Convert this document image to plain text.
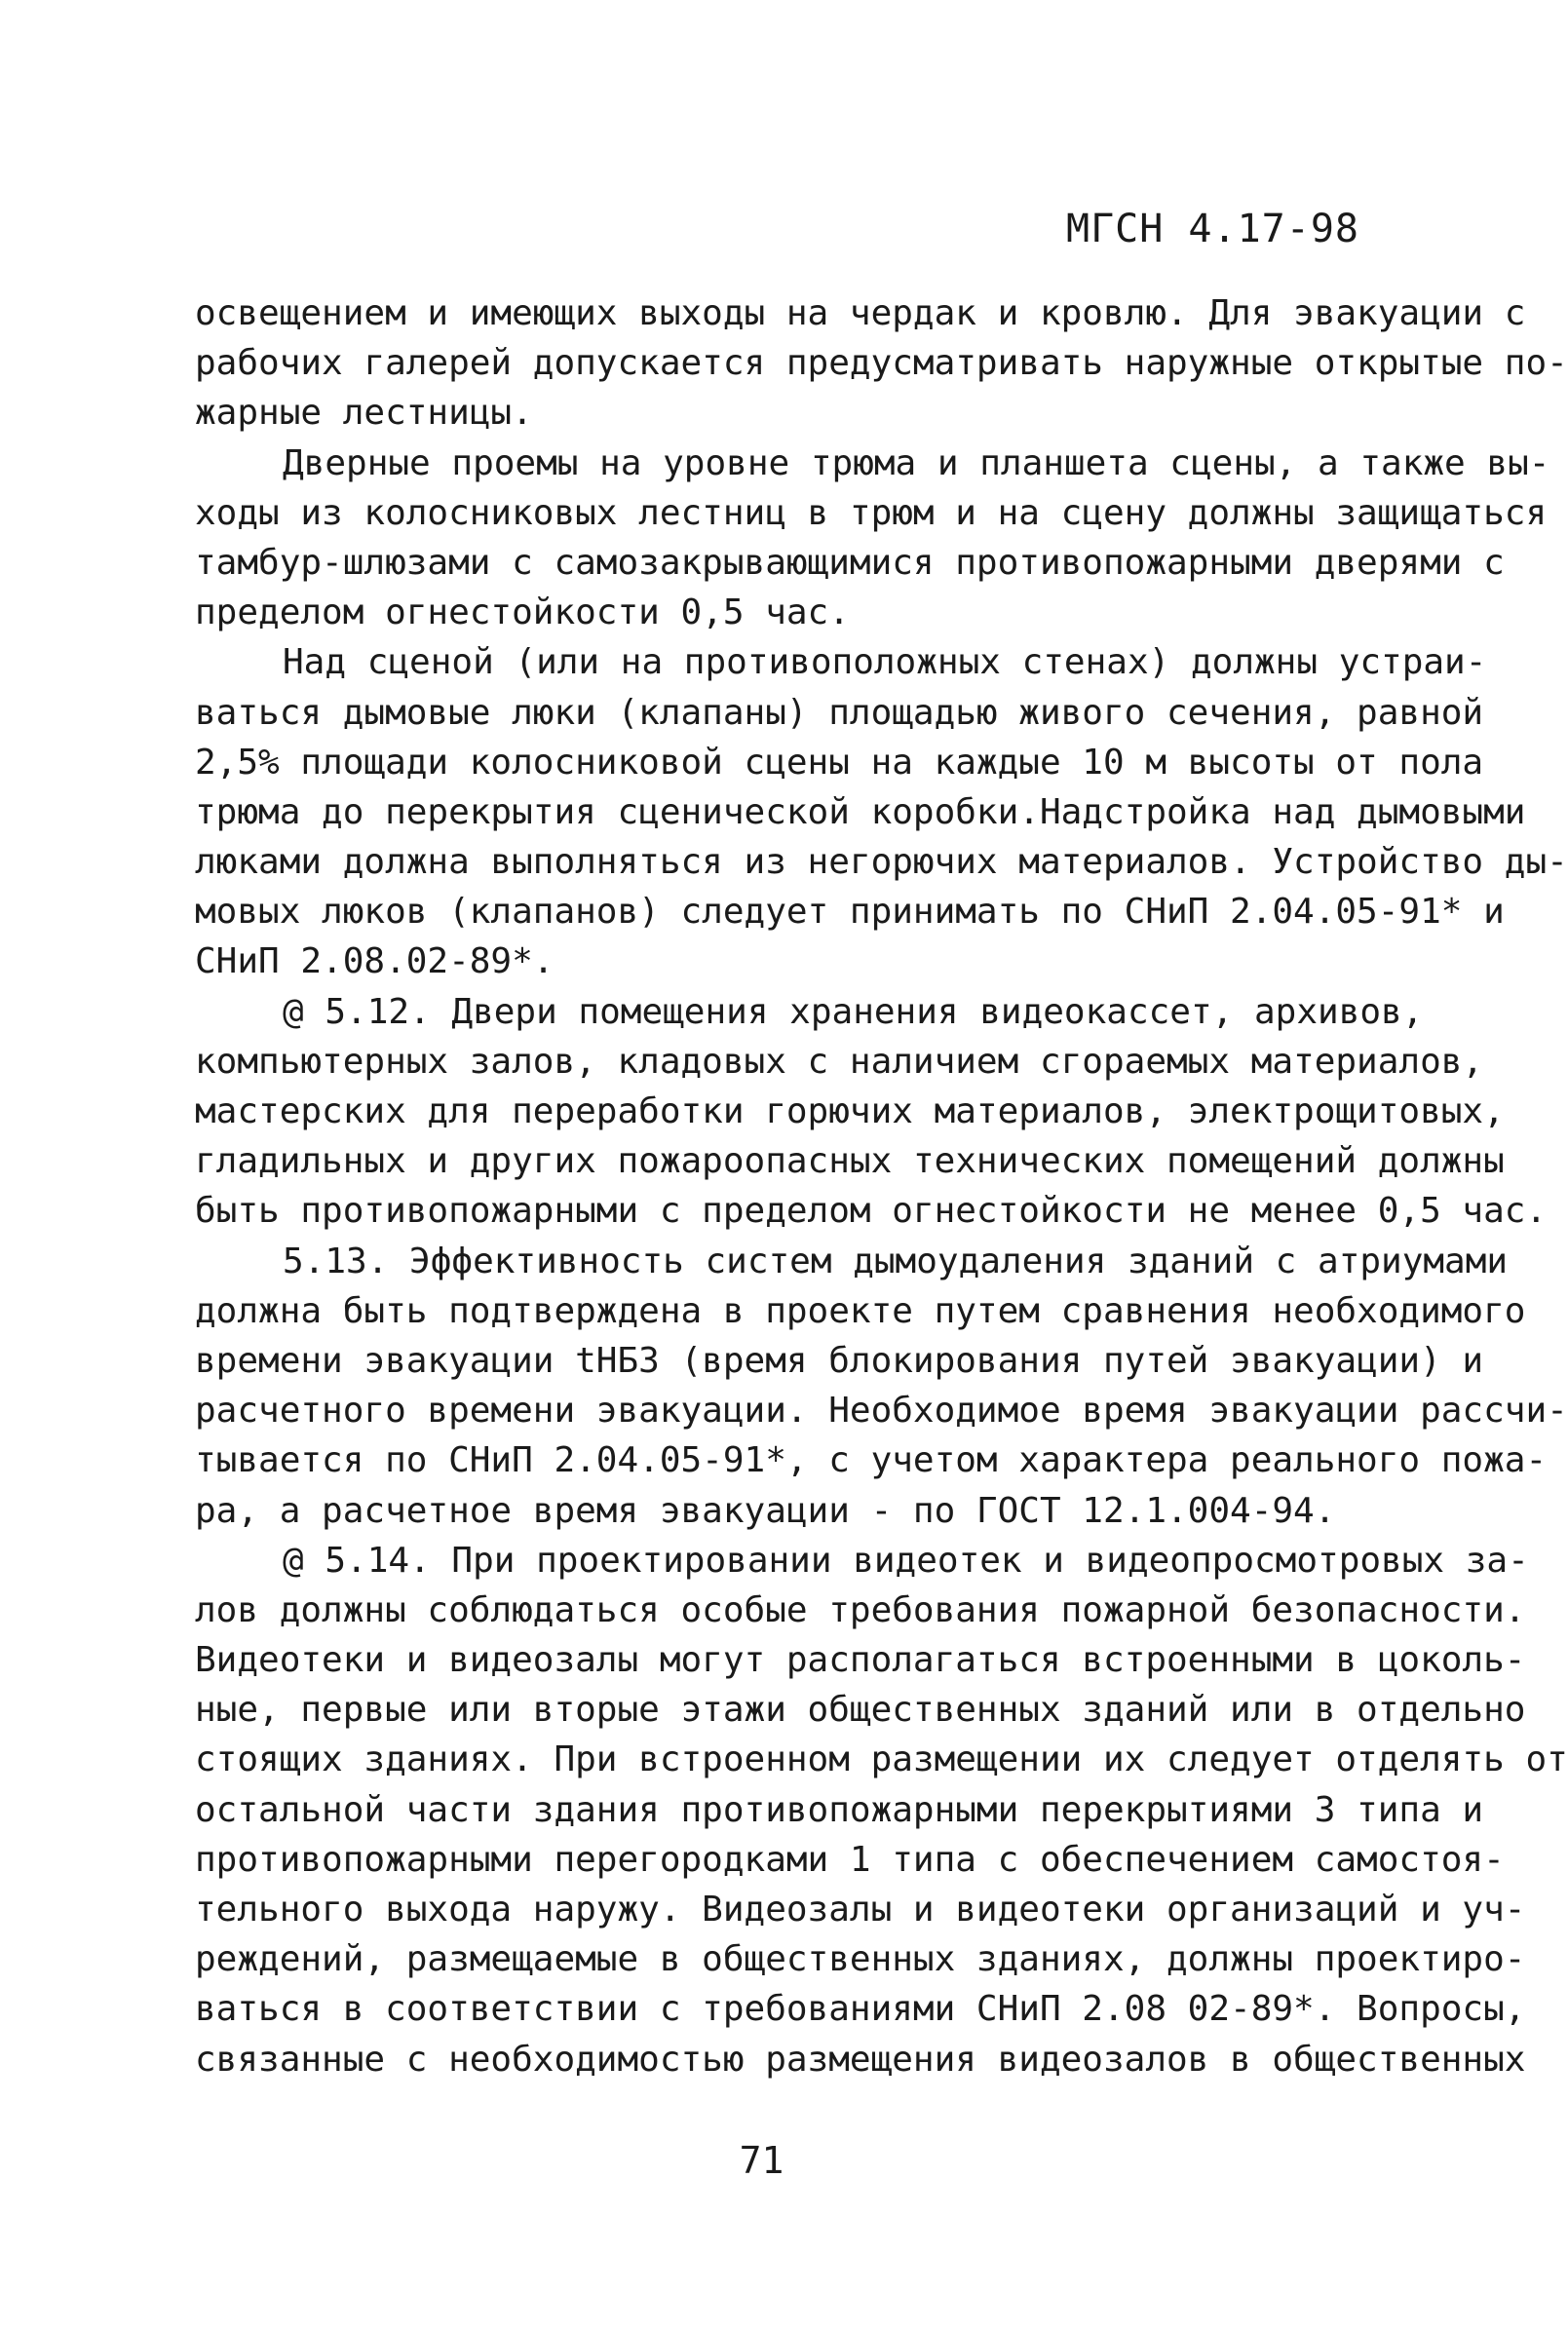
МГСН 4.17-98
освещением и имеющих выходы на чердак и кровлю. Для эвакуации с
рабочих галерей допускается предусматривать наружные открытые по-
жарные лестницы.
Дверные проемы на уровне трюма и планшета сцены, а также вы-
ходы из колосниковых лестниц в трюм и на сцену должны защищаться
тамбур-шлюзами с самозакрывающимися противопожарными дверями с
пределом огнестойкости 0,5 час.
Над сценой (или на противоположных стенах) должны устраи-
ваться дымовые люки (клапаны) площадью живого сечения, равной
2,5% площади колосниковой сцены на каждые 10 м высоты от пола
трюма до перекрытия сценической коробки.Надстройка над дымовыми
люками должна выполняться из негорючих материалов. Устройство ды-
мовых люков (клапанов) следует принимать по СНиП 2.04.05-91* и
СНиП 2.08.02-89*.
@ 5.12. Двери помещения хранения видеокассет, архивов,
компьютерных залов, кладовых с наличием сгораемых материалов,
мастерских для переработки горючих материалов, электрощитовых,
гладильных и других пожароопасных технических помещений должны
быть противопожарными с пределом огнестойкости не менее 0,5 час.
5.13. Эффективность систем дымоудаления зданий с атриумами
должна быть подтверждена в проекте путем сравнения необходимого
времени эвакуации tНБЗ (время блокирования путей эвакуации) и
расчетного времени эвакуации. Необходимое время эвакуации рассчи-
тывается по СНиП 2.04.05-91*, с учетом характера реального пожа-
ра, а расчетное время эвакуации - по ГОСТ 12.1.004-94.
@ 5.14. При проектировании видеотек и видеопросмотровых за-
лов должны соблюдаться особые требования пожарной безопасности.
Видеотеки и видеозалы могут располагаться встроенными в цоколь-
ные, первые или вторые этажи общественных зданий или в отдельно
стоящих зданиях. При встроенном размещении их следует отделять от
остальной части здания противопожарными перекрытиями 3 типа и
противопожарными перегородками 1 типа с обеспечением самостоя-
тельного выхода наружу. Видеозалы и видеотеки организаций и уч-
реждений, размещаемые в общественных зданиях, должны проектиро-
ваться в соответствии с требованиями СНиП 2.08 02-89*. Вопросы,
связанные с необходимостью размещения видеозалов в общественных
71
